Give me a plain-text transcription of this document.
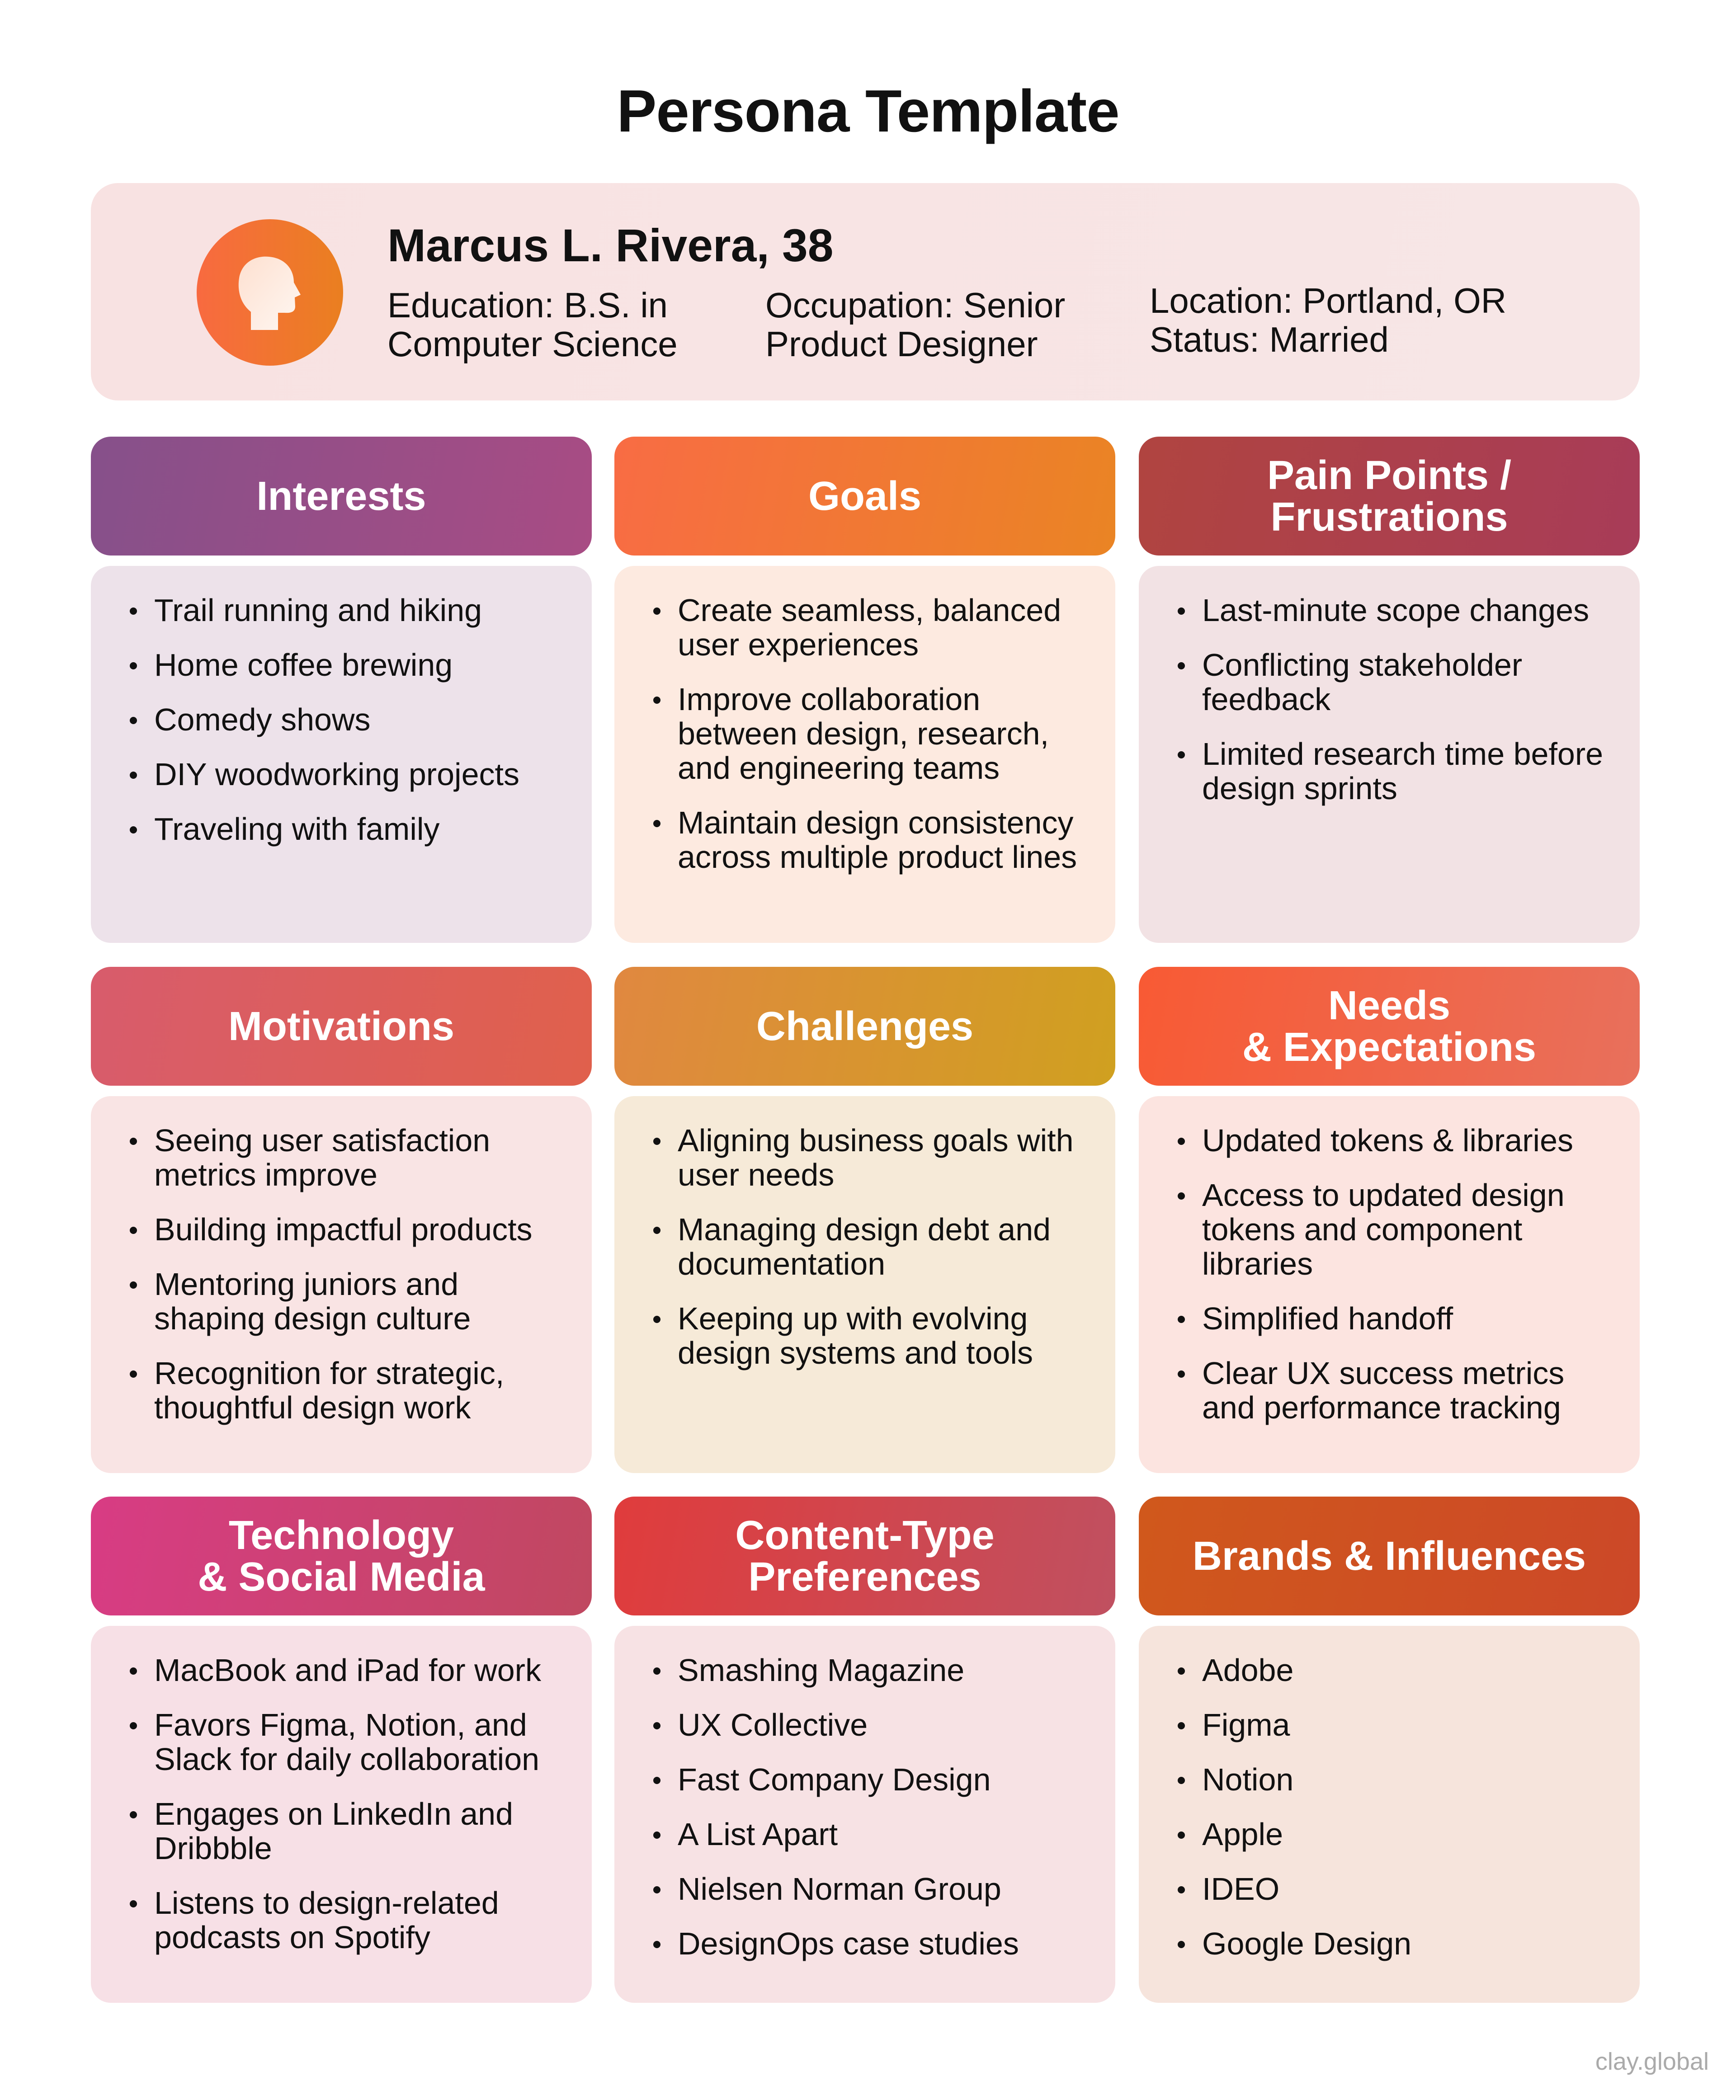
Persona Template
Marcus L. Rivera, 38
Education: B.S. in
Computer Science
Occupation: Senior
Product Designer
Location: Portland, OR
Status: Married
Interests
Trail running and hiking
Home coffee brewing
Comedy shows
DIY woodworking projects
Traveling with family
Goals
Create seamless, balanced user experiences
Improve collaboration between design, research, and engineering teams
Maintain design consistency across multiple product lines
Pain Points /
Frustrations
Last-minute scope changes
Conflicting stakeholder feedback
Limited research time before design sprints
Motivations
Seeing user satisfaction metrics improve
Building impactful products
Mentoring juniors and shaping design culture
Recognition for strategic, thoughtful design work
Challenges
Aligning business goals with user needs
Managing design debt and documentation
Keeping up with evolving design systems and tools
Needs
& Expectations
Updated tokens & libraries
Access to updated design tokens and component libraries
Simplified handoff
Clear UX success metrics and performance tracking
Technology
& Social Media
MacBook and iPad for work
Favors Figma, Notion, and Slack for daily collaboration
Engages on LinkedIn and Dribbble
Listens to design-related podcasts on Spotify
Content-Type
Preferences
Smashing Magazine
UX Collective
Fast Company Design
A List Apart
Nielsen Norman Group
DesignOps case studies
Brands & Influences
Adobe
Figma
Notion
Apple
IDEO
Google Design
clay.global
